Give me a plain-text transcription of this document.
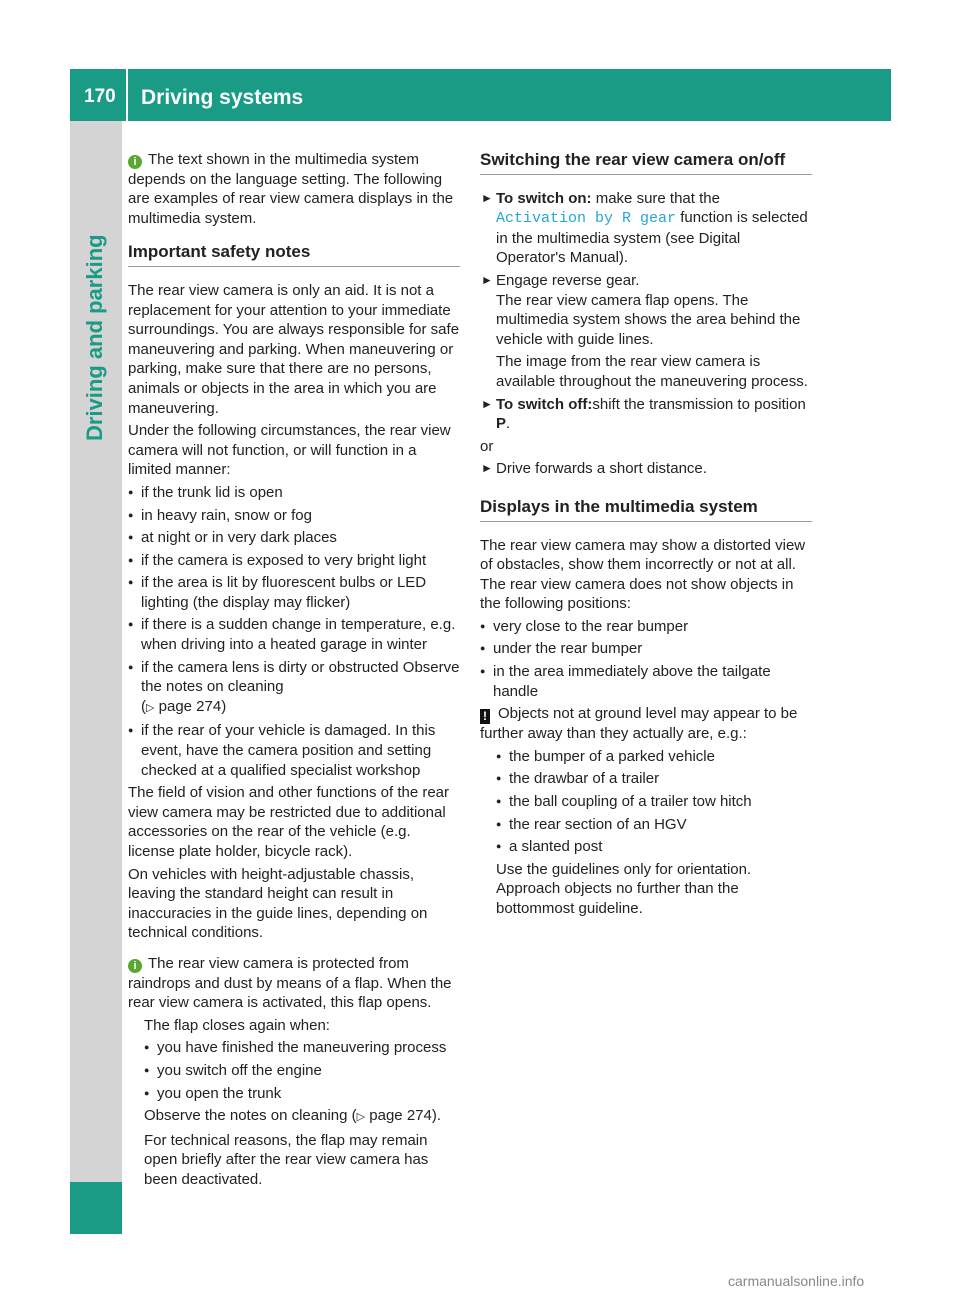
170 Driving systems
Driving and parking

i The text shown in the multimedia system depends on the language setting. The following are examples of rear view camera displays in the multimedia system.

Important safety notes

The rear view camera is only an aid. It is not a replacement for your attention to your immediate surroundings. You are always responsible for safe maneuvering and parking. When maneuvering or parking, make sure that there are no persons, animals or objects in the area in which you are maneuvering.

Under the following circumstances, the rear view camera will not function, or will function in a limited manner:

● if the trunk lid is open
● in heavy rain, snow or fog
● at night or in very dark places
● if the camera is exposed to very bright light
● if the area is lit by fluorescent bulbs or LED lighting (the display may flicker)
● if there is a sudden change in temperature, e.g. when driving into a heated garage in winter
● if the camera lens is dirty or obstructed Observe the notes on cleaning
(▷ page 274)
● if the rear of your vehicle is damaged. In this event, have the camera position and setting checked at a qualified specialist workshop

The field of vision and other functions of the rear view camera may be restricted due to additional accessories on the rear of the vehicle (e.g. license plate holder, bicycle rack).

On vehicles with height-adjustable chassis, leaving the standard height can result in inaccuracies in the guide lines, depending on technical conditions.

i The rear view camera is protected from raindrops and dust by means of a flap. When the rear view camera is activated, this flap opens.

The flap closes again when:

● you have finished the maneuvering process
● you switch off the engine
● you open the trunk

Observe the notes on cleaning (▷ page 274).

For technical reasons, the flap may remain open briefly after the rear view camera has been deactivated.

Switching the rear view camera on/off

► To switch on: make sure that the Activation by R gear function is selected in the multimedia system (see Digital Operator's Manual).

► Engage reverse gear.
The rear view camera flap opens. The multimedia system shows the area behind the vehicle with guide lines.

The image from the rear view camera is available throughout the maneuvering process.

► To switch off:shift the transmission to position P.

or

► Drive forwards a short distance.

Displays in the multimedia system

The rear view camera may show a distorted view of obstacles, show them incorrectly or not at all. The rear view camera does not show objects in the following positions:

● very close to the rear bumper
● under the rear bumper
● in the area immediately above the tailgate handle

! Objects not at ground level may appear to be further away than they actually are, e.g.:

● the bumper of a parked vehicle
● the drawbar of a trailer
● the ball coupling of a trailer tow hitch
● the rear section of an HGV
● a slanted post

Use the guidelines only for orientation. Approach objects no further than the bottommost guideline.

carmanualsonline.info
